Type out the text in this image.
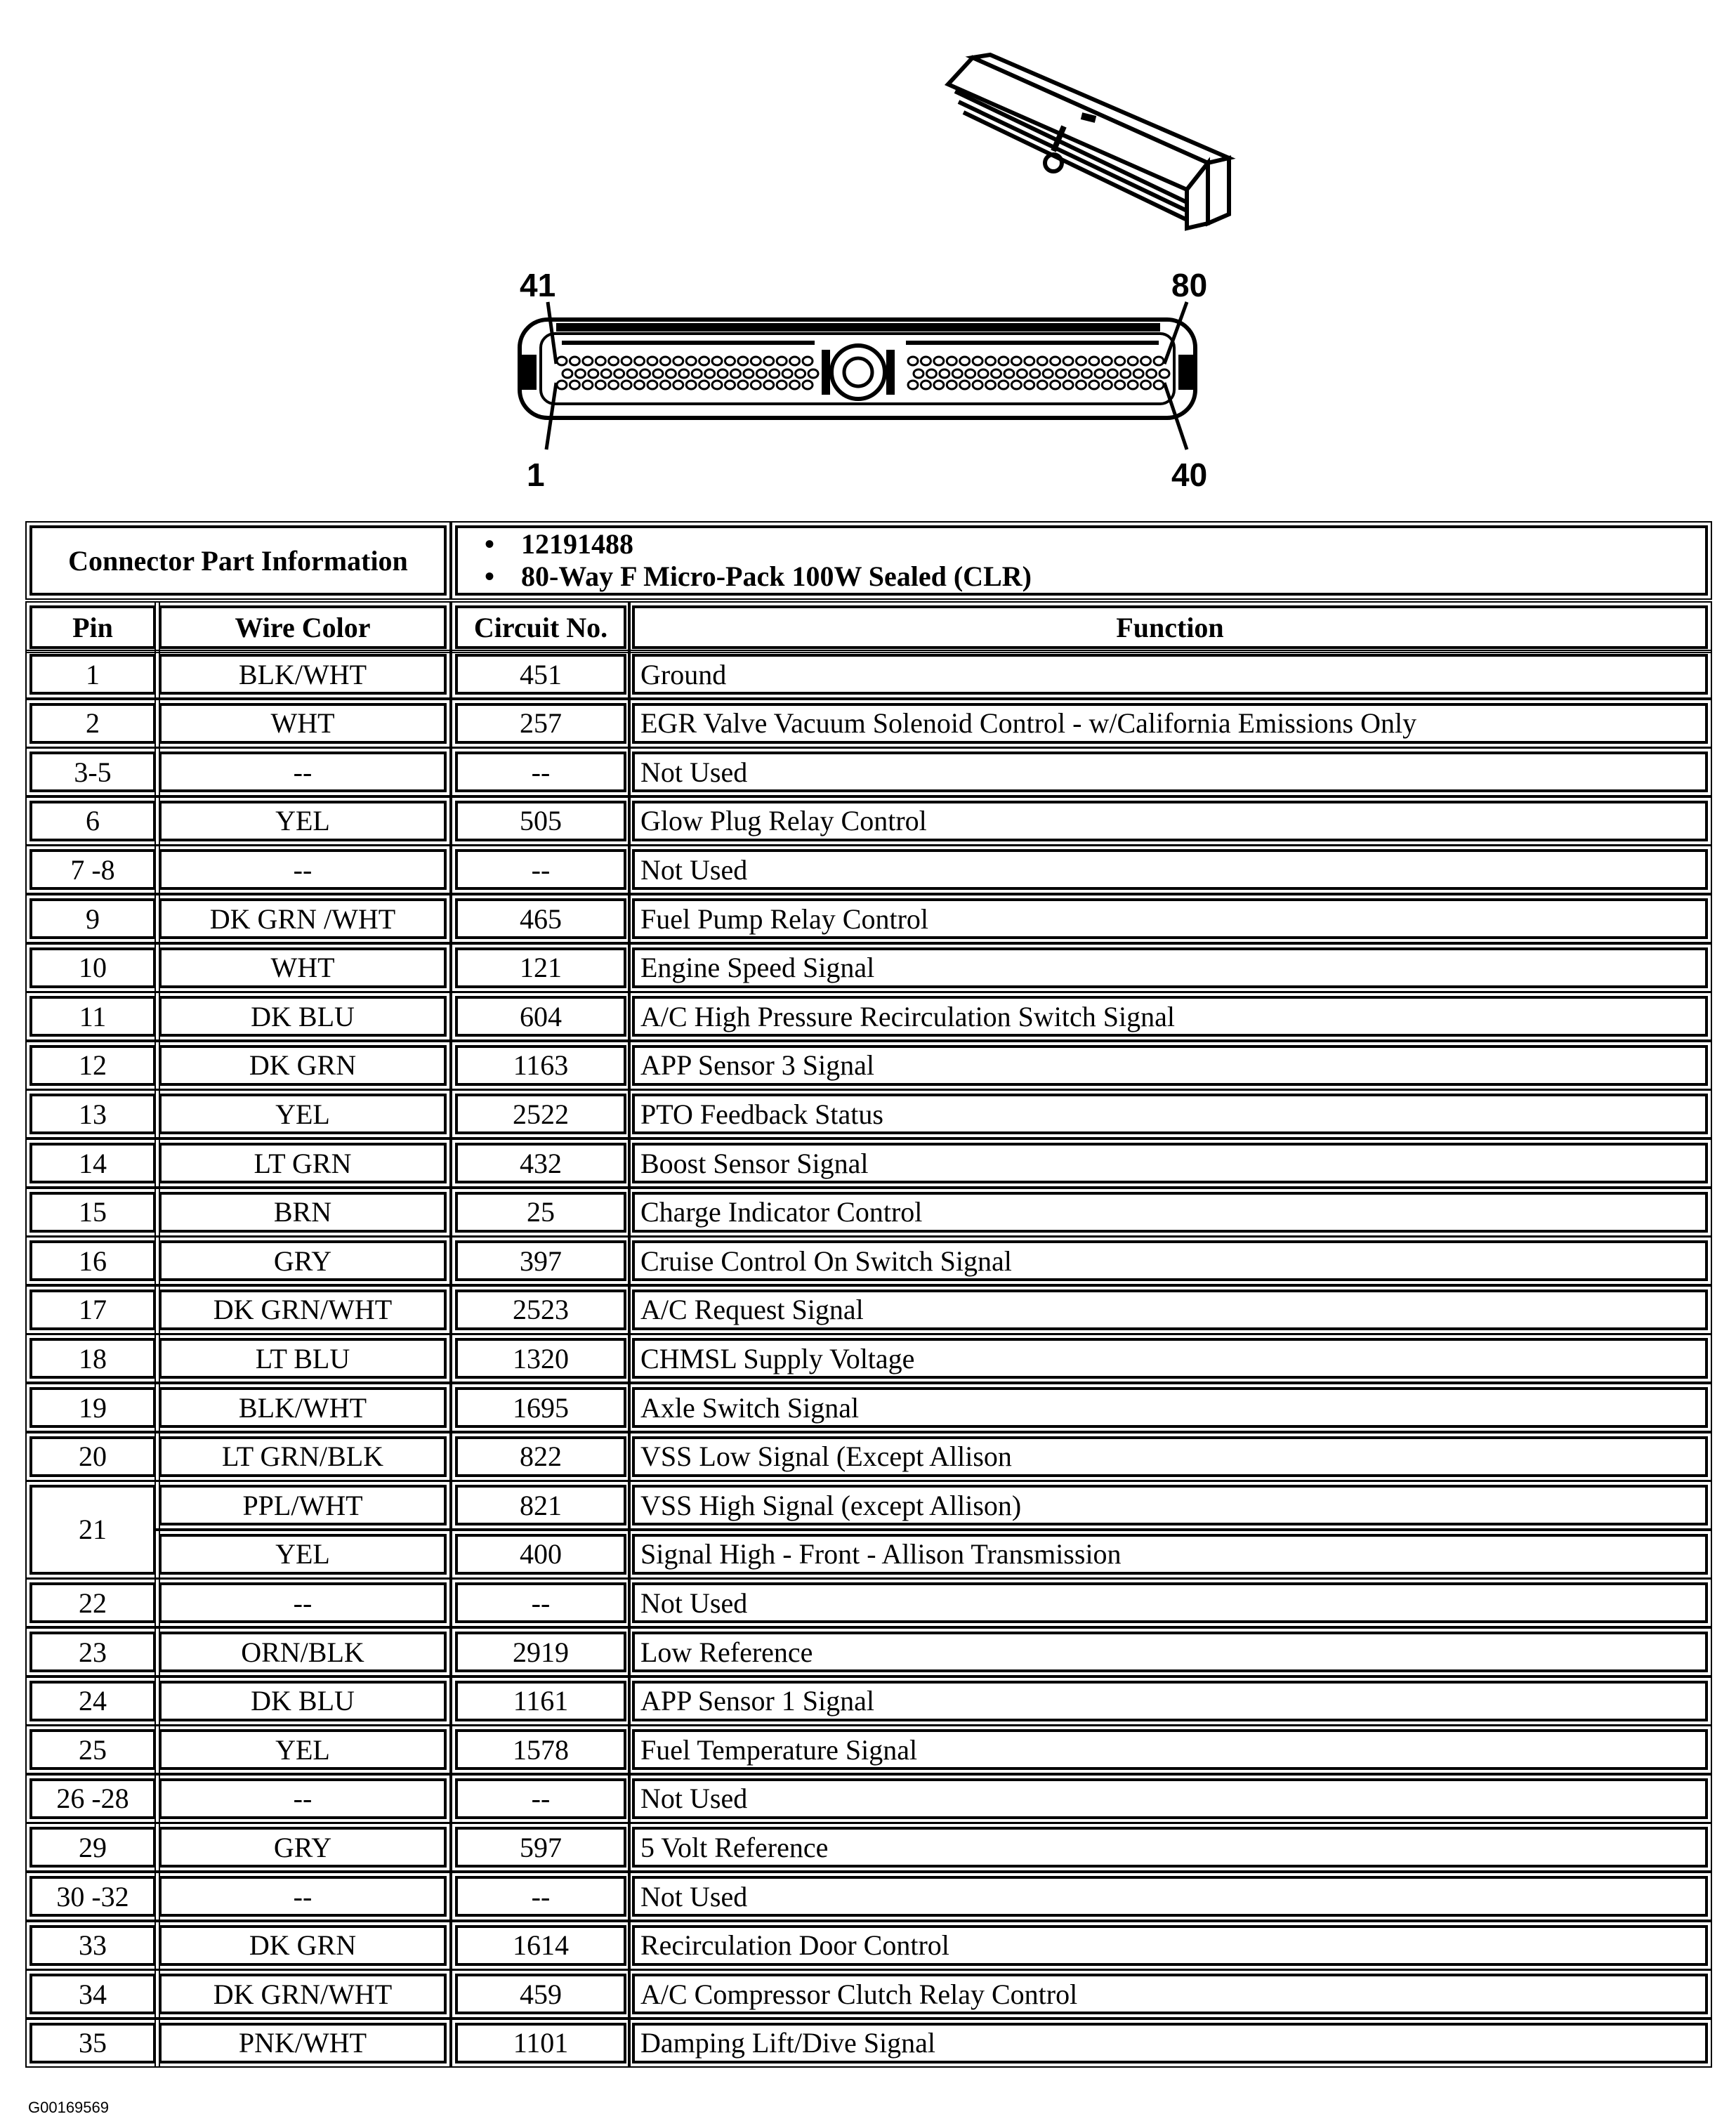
41	80
1	40
Connector Part Information
• 12191488
• 80-Way F Micro-Pack 100W Sealed (CLR)
Pin	Wire Color	Circuit No.	Function
1	BLK/WHT	451	Ground
2	WHT	257	EGR Valve Vacuum Solenoid Control - w/California Emissions Only
3-5	--	--	Not Used
6	YEL	505	Glow Plug Relay Control
7 -8	--	--	Not Used
9	DK GRN /WHT	465	Fuel Pump Relay Control
10	WHT	121	Engine Speed Signal
11	DK BLU	604	A/C High Pressure Recirculation Switch Signal
12	DK GRN	1163	APP Sensor 3 Signal
13	YEL	2522	PTO Feedback Status
14	LT GRN	432	Boost Sensor Signal
15	BRN	25	Charge Indicator Control
16	GRY	397	Cruise Control On Switch Signal
17	DK GRN/WHT	2523	A/C Request Signal
18	LT BLU	1320	CHMSL Supply Voltage
19	BLK/WHT	1695	Axle Switch Signal
20	LT GRN/BLK	822	VSS Low Signal (Except Allison
21
PPL/WHT	821	VSS High Signal (except Allison)
YEL	400	Signal High - Front - Allison Transmission
22	--	--	Not Used
23	ORN/BLK	2919	Low Reference
24	DK BLU	1161	APP Sensor 1 Signal
25	YEL	1578	Fuel Temperature Signal
26 -28	--	--	Not Used
29	GRY	597	5 Volt Reference
30 -32	--	--	Not Used
33	DK GRN	1614	Recirculation Door Control
34	DK GRN/WHT	459	A/C Compressor Clutch Relay Control
35	PNK/WHT	1101	Damping Lift/Dive Signal
G00169569
